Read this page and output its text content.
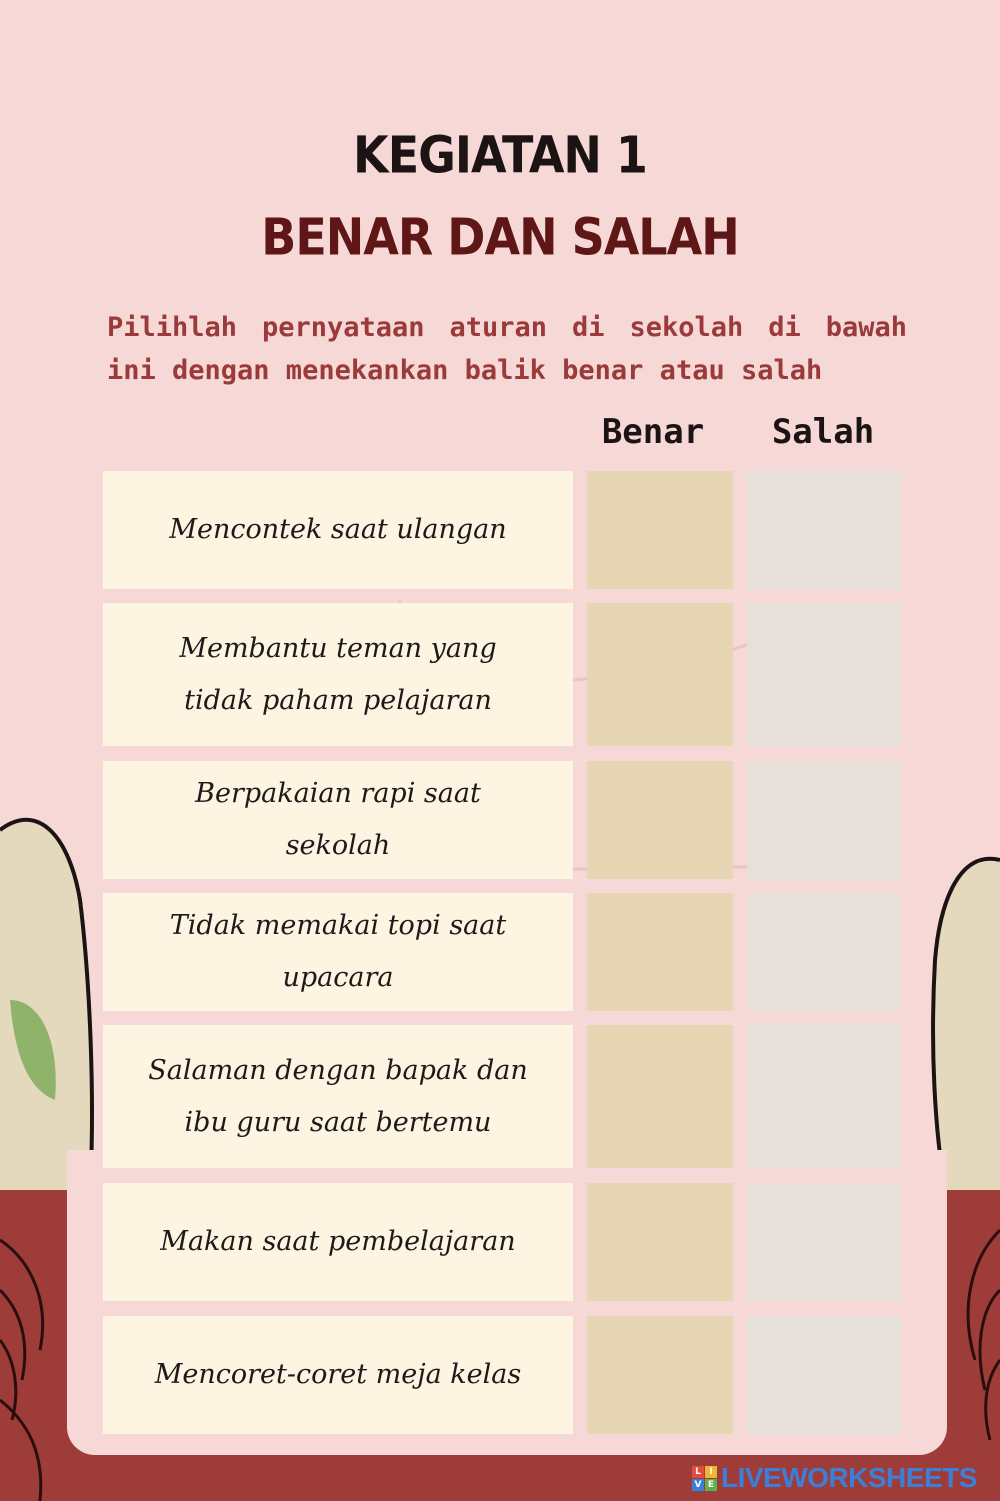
KEGIATAN 1
BENAR DAN SALAH
Pilihlah pernyataan aturan di sekolah di bawah ini dengan menekankan balik benar atau salah
Benar	Salah
Mencontek saat ulangan
Membantu teman yang tidak paham pelajaran
Berpakaian rapi saat sekolah
Tidak memakai topi saat upacara
Salaman dengan bapak dan ibu guru saat bertemu
Makan saat pembelajaran
Mencoret-coret meja kelas
L I
V E LIVEWORKSHEETS
